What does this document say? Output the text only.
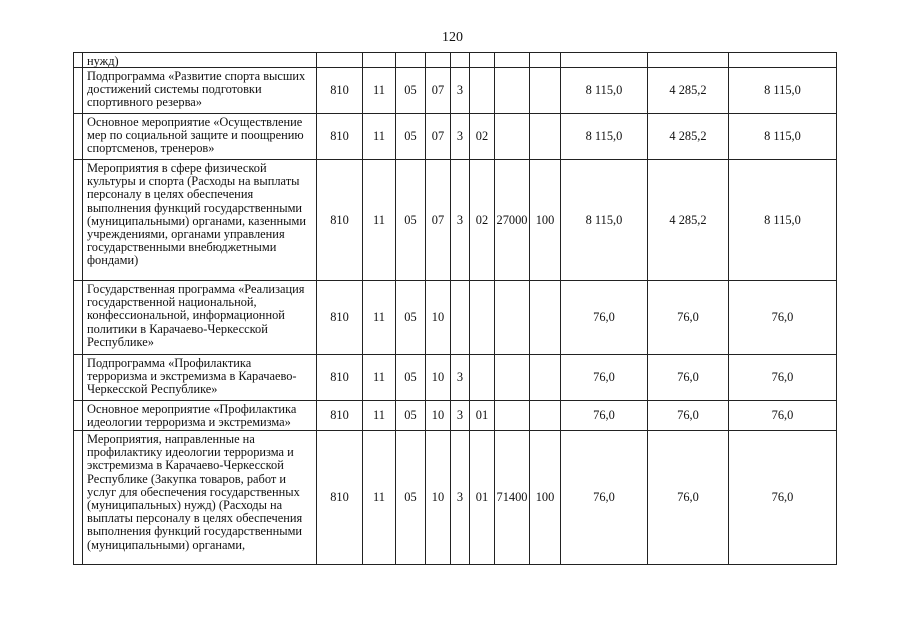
120
	нужд)											
	Подпрограмма «Развитие спорта высших достижений системы подготовки спортивного резерва»	810	11	05	07	3				8 115,0	4 285,2	8 115,0
	Основное мероприятие «Осуществление мер по социальной защите и поощрению спортсменов, тренеров»	810	11	05	07	3	02			8 115,0	4 285,2	8 115,0
	Мероприятия в сфере физической культуры и спорта (Расходы на выплаты персоналу в целях обеспечения выполнения функций государственными (муниципальными) органами, казенными учреждениями, органами управления государственными внебюджетными фондами)	810	11	05	07	3	02	27000	100	8 115,0	4 285,2	8 115,0
	Государственная программа «Реализация государственной национальной, конфессиональной, информационной политики в Карачаево-Черкесской Республике»	810	11	05	10					76,0	76,0	76,0
	Подпрограмма «Профилактика терроризма и экстремизма в Карачаево-Черкесской Республике»	810	11	05	10	3				76,0	76,0	76,0
	Основное мероприятие «Профилактика идеологии терроризма и экстремизма»	810	11	05	10	3	01			76,0	76,0	76,0
	Мероприятия, направленные на профилактику идеологии терроризма и экстремизма в Карачаево-Черкесской Республике (Закупка товаров, работ и услуг для обеспечения государственных (муниципальных) нужд) (Расходы на выплаты персоналу в целях обеспечения выполнения функций государственными (муниципальными) органами,	810	11	05	10	3	01	71400	100	76,0	76,0	76,0
